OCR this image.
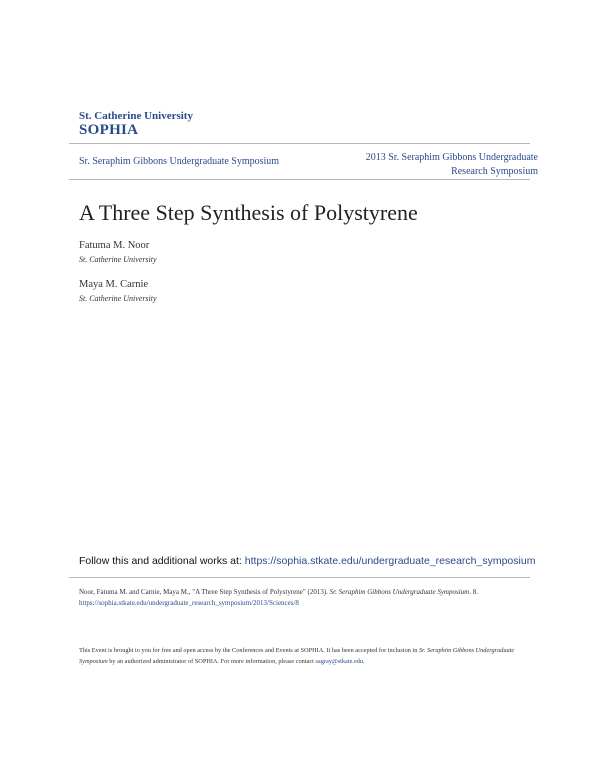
St. Catherine University
SOPHIA
Sr. Seraphim Gibbons Undergraduate Symposium	2013 Sr. Seraphim Gibbons Undergraduate
Research Symposium
A Three Step Synthesis of Polystyrene
Fatuma M. Noor
St. Catherine University
Maya M. Carnie
St. Catherine University
Follow this and additional works at: https://sophia.stkate.edu/undergraduate_research_symposium
Noor, Fatuma M. and Carnie, Maya M., "A Three Step Synthesis of Polystyrene" (2013). Sr. Seraphim Gibbons Undergraduate Symposium. 8.
https://sophia.stkate.edu/undergraduate_research_symposium/2013/Sciences/8
This Event is brought to you for free and open access by the Conferences and Events at SOPHIA. It has been accepted for inclusion in Sr. Seraphim Gibbons Undergraduate Symposium by an authorized administrator of SOPHIA. For more information, please contact sagray@stkate.edu.
